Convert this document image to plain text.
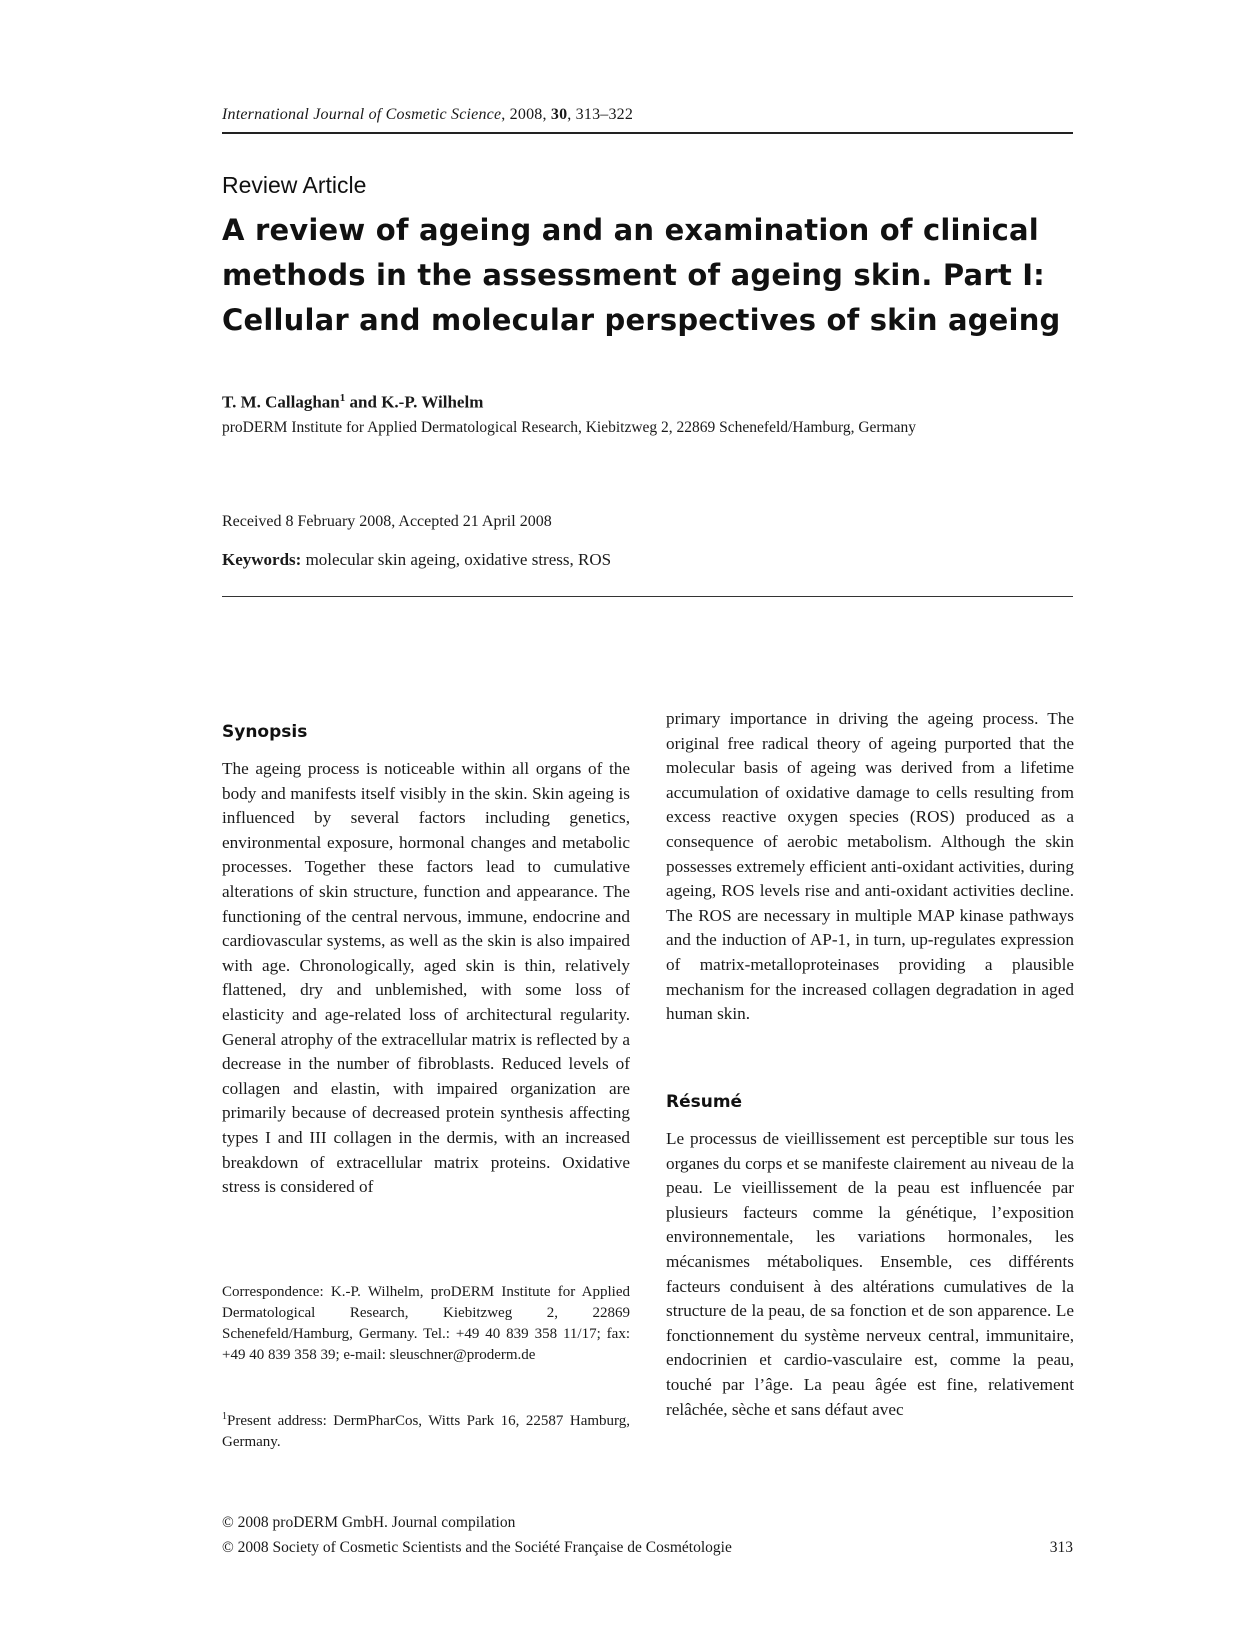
International Journal of Cosmetic Science, 2008, 30, 313–322
Review Article
A review of ageing and an examination of clinical methods in the assessment of ageing skin. Part I: Cellular and molecular perspectives of skin ageing
T. M. Callaghan$^1$ and K.-P. Wilhelm
proDERM Institute for Applied Dermatological Research, Kiebitzweg 2, 22869 Schenefeld/Hamburg, Germany
Received 8 February 2008, Accepted 21 April 2008
Keywords: molecular skin ageing, oxidative stress, ROS
Synopsis

The ageing process is noticeable within all organs of the body and manifests itself visibly in the skin. Skin ageing is influenced by several factors including genetics, environmental exposure, hormonal changes and metabolic processes. Together these factors lead to cumulative alterations of skin structure, function and appearance. The functioning of the central nervous, immune, endocrine and cardiovascular systems, as well as the skin is also impaired with age. Chronologically, aged skin is thin, relatively flattened, dry and unblemished, with some loss of elasticity and age-related loss of architectural regularity. General atrophy of the extracellular matrix is reflected by a decrease in the number of fibroblasts. Reduced levels of collagen and elastin, with impaired organization are primarily because of decreased protein synthesis affecting types I and III collagen in the dermis, with an increased breakdown of extracellular matrix proteins. Oxidative stress is considered of

Correspondence: K.-P. Wilhelm, proDERM Institute for Applied Dermatological Research, Kiebitzweg 2, 22869 Schenefeld/Hamburg, Germany. Tel.: +49 40 839 358 11/17; fax: +49 40 839 358 39; e-mail: sleuschner@proderm.de
$^1$Present address: DermPharCos, Witts Park 16, 22587 Hamburg, Germany.

primary importance in driving the ageing process. The original free radical theory of ageing purported that the molecular basis of ageing was derived from a lifetime accumulation of oxidative damage to cells resulting from excess reactive oxygen species (ROS) produced as a consequence of aerobic metabolism. Although the skin possesses extremely efficient anti-oxidant activities, during ageing, ROS levels rise and anti-oxidant activities decline. The ROS are necessary in multiple MAP kinase pathways and the induction of AP-1, in turn, up-regulates expression of matrix-metalloproteinases providing a plausible mechanism for the increased collagen degradation in aged human skin.

Résumé

Le processus de vieillissement est perceptible sur tous les organes du corps et se manifeste clairement au niveau de la peau. Le vieillissement de la peau est influencée par plusieurs facteurs comme la génétique, l’exposition environnementale, les variations hormonales, les mécanismes métaboliques. Ensemble, ces différents facteurs conduisent à des altérations cumulatives de la structure de la peau, de sa fonction et de son apparence. Le fonctionnement du système nerveux central, immunitaire, endocrinien et cardio-vasculaire est, comme la peau, touché par l’âge. La peau âgée est fine, relativement relâchée, sèche et sans défaut avec

© 2008 proDERM GmbH. Journal compilation
© 2008 Society of Cosmetic Scientists and the Société Française de Cosmétologie	313
